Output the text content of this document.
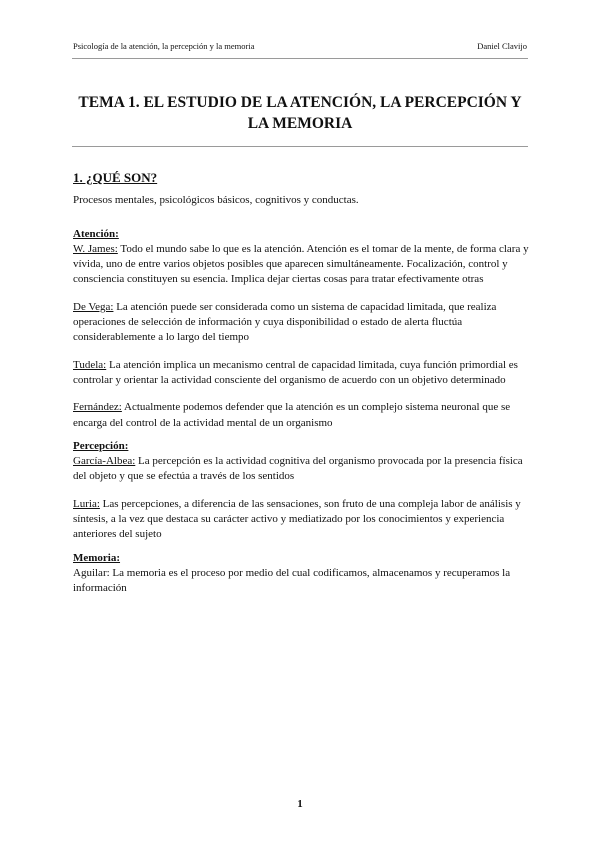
Psicología de la atención, la percepción y la memoria	Daniel Clavijo
TEMA 1. EL ESTUDIO DE LA ATENCIÓN, LA PERCEPCIÓN Y LA MEMORIA

1. ¿QUÉ SON?

Procesos mentales, psicológicos básicos, cognitivos y conductas.

Atención:

W. James: Todo el mundo sabe lo que es la atención. Atención es el tomar de la mente, de forma clara y vívida, uno de entre varios objetos posibles que aparecen simultáneamente. Focalización, control y consciencia constituyen su esencia. Implica dejar ciertas cosas para tratar efectivamente otras

De Vega: La atención puede ser considerada como un sistema de capacidad limitada, que realiza operaciones de selección de información y cuya disponibilidad o estado de alerta fluctúa considerablemente a lo largo del tiempo

Tudela: La atención implica un mecanismo central de capacidad limitada, cuya función primordial es controlar y orientar la actividad consciente del organismo de acuerdo con un objetivo determinado

Fernández: Actualmente podemos defender que la atención es un complejo sistema neuronal que se encarga del control de la actividad mental de un organismo

Percepción:

García-Albea: La percepción es la actividad cognitiva del organismo provocada por la presencia física del objeto y que se efectúa a través de los sentidos

Luria: Las percepciones, a diferencia de las sensaciones, son fruto de una compleja labor de análisis y síntesis, a la vez que destaca su carácter activo y mediatizado por los conocimientos y experiencia anteriores del sujeto

Memoria:

Aguilar: La memoria es el proceso por medio del cual codificamos, almacenamos y recuperamos la información

1
